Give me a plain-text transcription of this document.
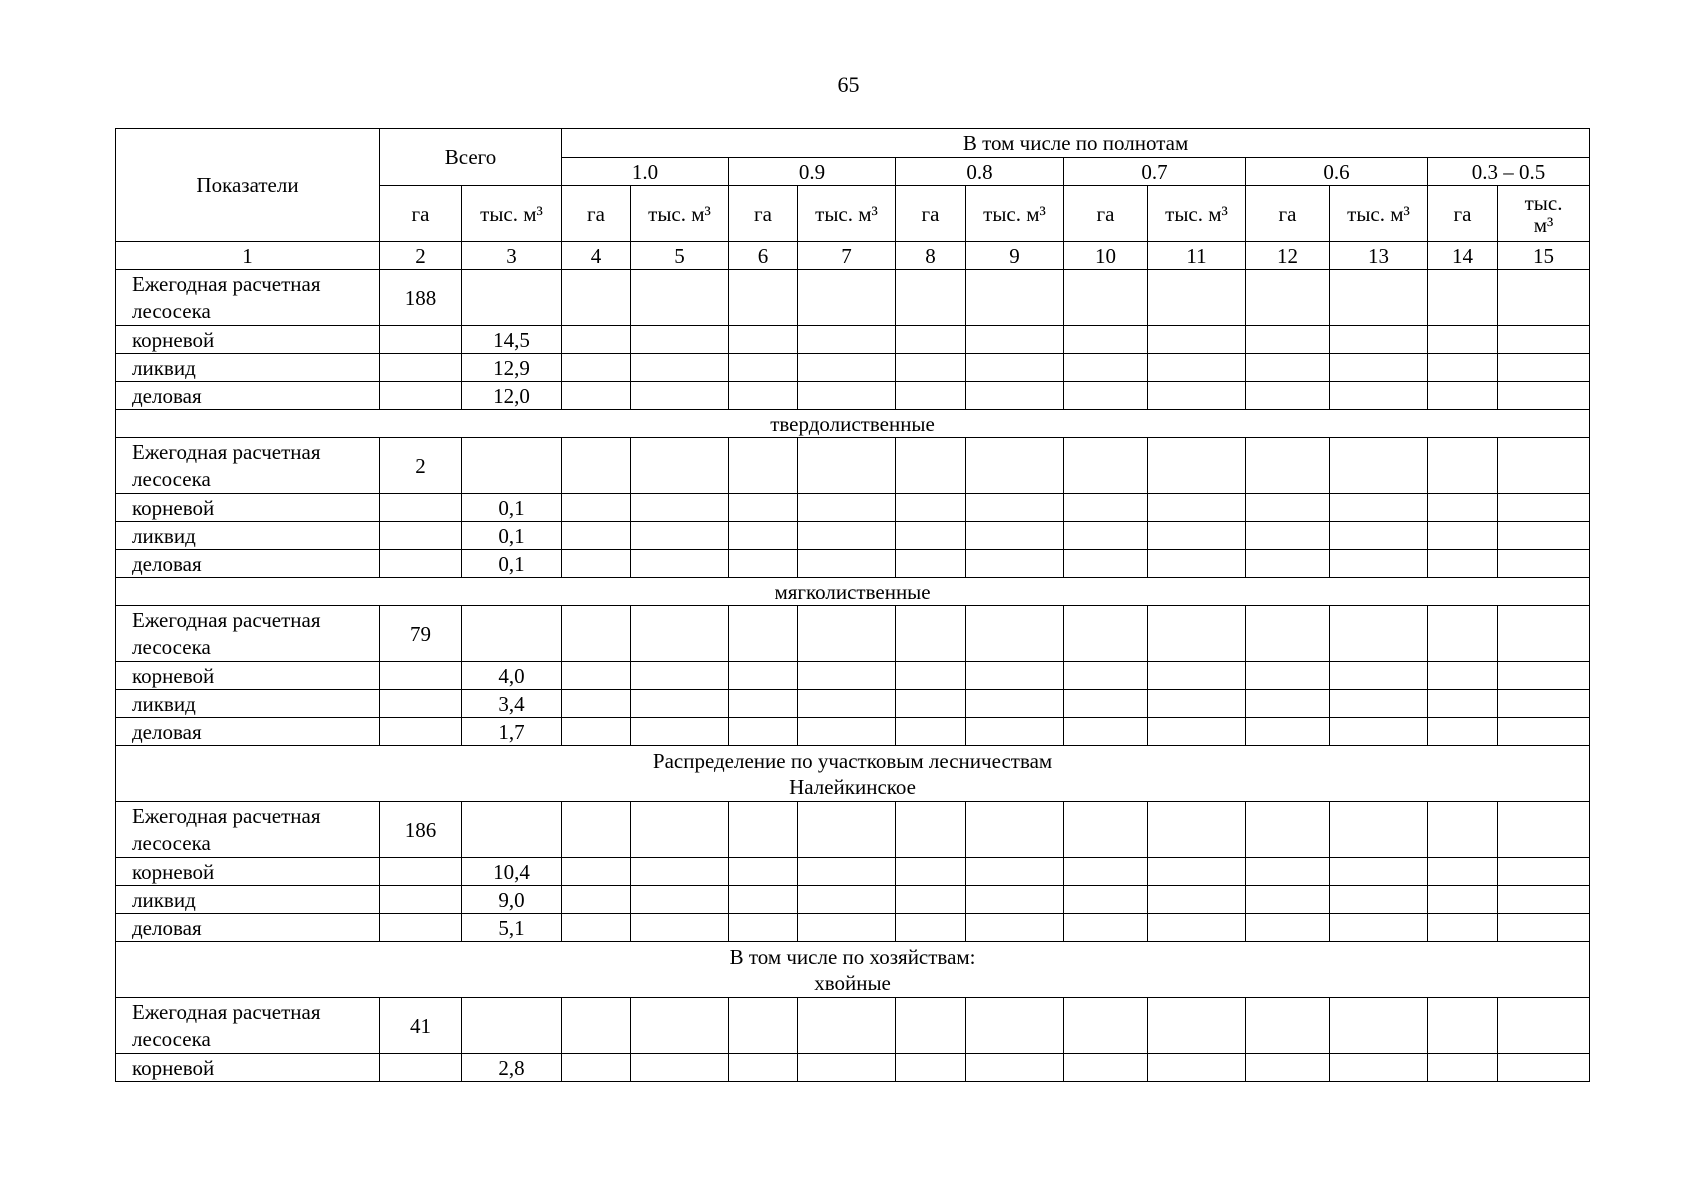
65
Показатели	Всего		В том числе по полнотам											
			1.0		0.9		0.8		0.7		0.6		0.3 – 0.5	
	га	тыс. м³	га	тыс. м³	га	тыс. м³	га	тыс. м³	га	тыс. м³	га	тыс. м³	га	тыс. м³
1	2	3	4	5	6	7	8	9	10	11	12	13	14	15
Ежегодная расчетная лесосека	188													
корневой		14,5												
ликвид		12,9												
деловая		12,0												

твердолиственные														

Ежегодная расчетная лесосека	2													
корневой		0,1												
ликвид		0,1												
деловая		0,1												

мягколиственные														

Ежегодная расчетная лесосека	79													
корневой		4,0												
ликвид		3,4												
деловая		1,7												

Распределение по участковым лесничествам
Налейкинское														

Ежегодная расчетная лесосека	186													
корневой		10,4												
ликвид		9,0												
деловая		5,1												

В том числе по хозяйствам:
хвойные														

Ежегодная расчетная лесосека	41													
корневой		2,8												
